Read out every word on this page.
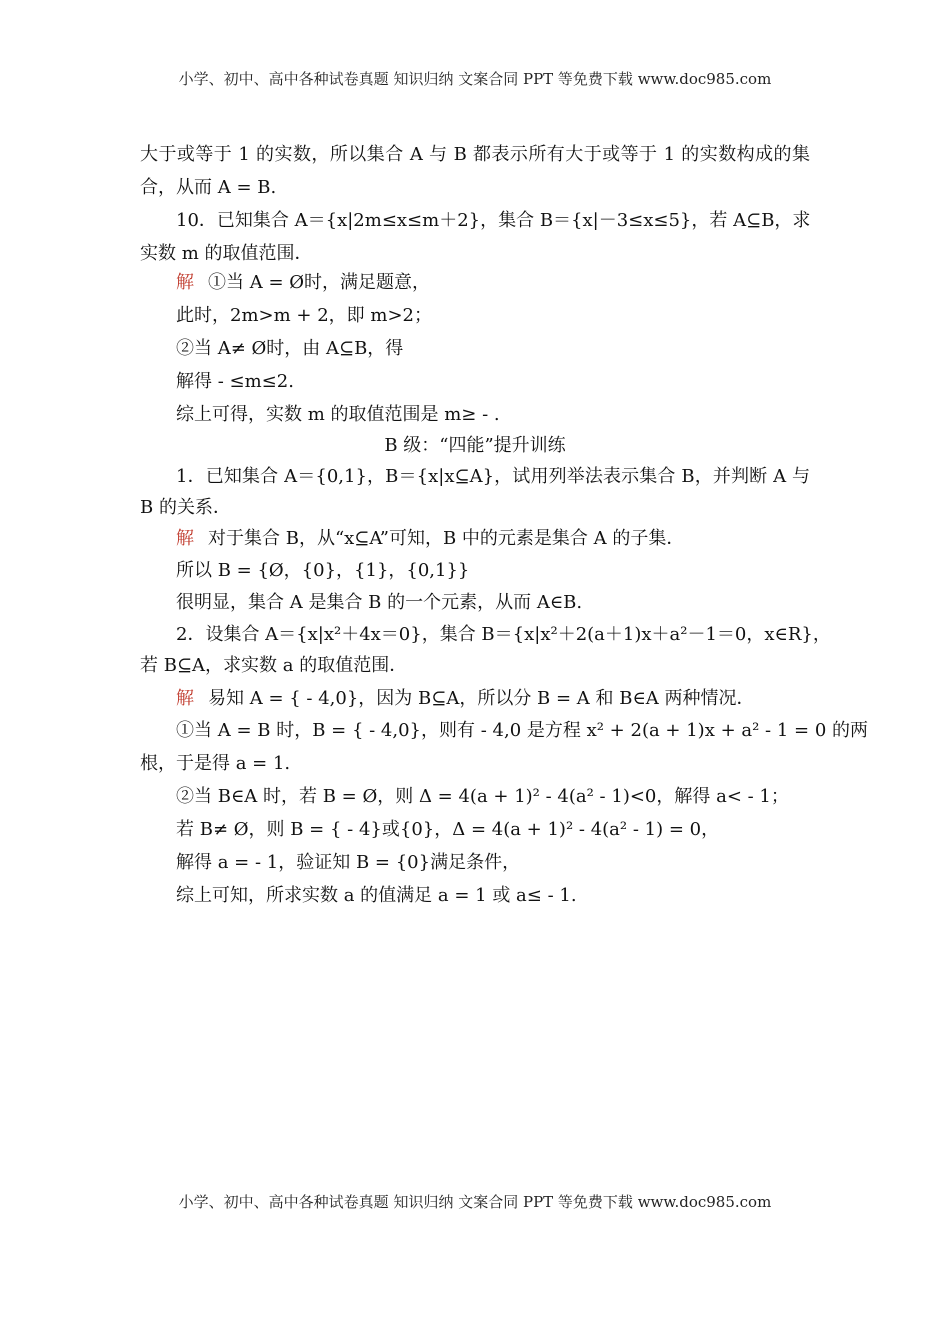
小学、初中、高中各种试卷真题 知识归纳 文案合同 PPT 等免费下载 www.doc985.com
大于或等于 1 的实数，所以集合 A 与 B 都表示所有大于或等于 1 的实数构成的集
合，从而 A = B.
10．已知集合 A＝{x|2m≤x≤m＋2}，集合 B＝{x|－3≤x≤5}，若 A⊆B，求
实数 m 的取值范围．
解 ①当 A = Ø时，满足题意，
此时，2m>m + 2，即 m>2；
②当 A≠ Ø时，由 A⊆B，得
解得 - ≤m≤2.
综上可得，实数 m 的取值范围是 m≥ - .
B 级：“四能”提升训练
1．已知集合 A＝{0,1}，B＝{x|x⊆A}，试用列举法表示集合 B，并判断 A 与
B 的关系．
解 对于集合 B，从“x⊆A”可知，B 中的元素是集合 A 的子集．
所以 B = {Ø，{0}，{1}，{0,1}}
很明显，集合 A 是集合 B 的一个元素，从而 A∈B.
2．设集合 A＝{x|x²＋4x＝0}，集合 B＝{x|x²＋2(a＋1)x＋a²－1＝0，x∈R}，
若 B⊆A，求实数 a 的取值范围．
解 易知 A = { - 4,0}，因为 B⊆A，所以分 B = A 和 B∈A 两种情况．
①当 A = B 时，B = { - 4,0}，则有 - 4,0 是方程 x² + 2(a + 1)x + a² - 1 = 0 的两
根，于是得 a = 1.
②当 B∈A 时，若 B = Ø，则 Δ = 4(a + 1)² - 4(a² - 1)<0，解得 a< - 1；
若 B≠ Ø，则 B = { - 4}或{0}，Δ = 4(a + 1)² - 4(a² - 1) = 0，
解得 a = - 1，验证知 B = {0}满足条件，
综上可知，所求实数 a 的值满足 a = 1 或 a≤ - 1.
小学、初中、高中各种试卷真题 知识归纳 文案合同 PPT 等免费下载 www.doc985.com
